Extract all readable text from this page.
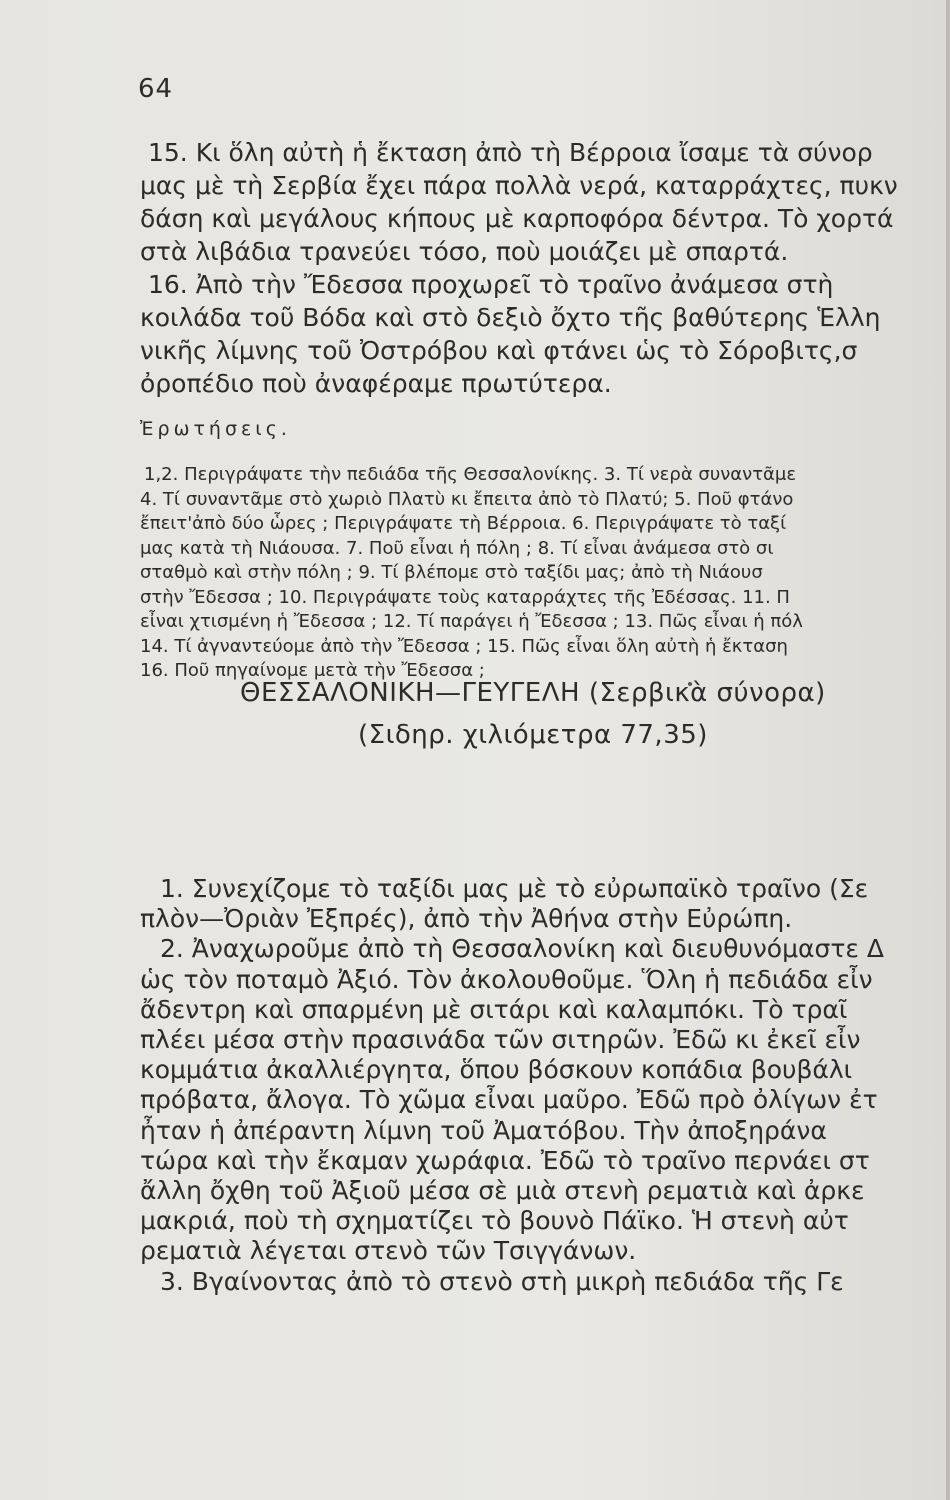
64

15. Κι ὅλη αὐτὴ ἡ ἔκταση ἀπὸ τὴ Βέρροια ἴσαμε τὰ σύνορ

μας μὲ τὴ Σερβία ἔχει πάρα πολλὰ νερά, καταρράχτες, πυκν

δάση καὶ μεγάλους κήπους μὲ καρποφόρα δέντρα. Τὸ χορτά

στὰ λιβάδια τρανεύει τόσο, ποὺ μοιάζει μὲ σπαρτά.

16. Ἀπὸ τὴν Ἔδεσσα προχωρεῖ τὸ τραῖνο ἀνάμεσα στὴ

κοιλάδα τοῦ Βόδα καὶ στὸ δεξιὸ ὄχτο τῆς βαθύτερης Ἑλλη

νικῆς λίμνης τοῦ Ὀστρόβου καὶ φτάνει ὡς τὸ Σόροβιτς,σ

ὀροπέδιο ποὺ ἀναφέραμε πρωτύτερα.

Ἐρωτήσεις.

1,2. Περιγράψατε τὴν πεδιάδα τῆς Θεσσαλονίκης. 3. Τί νερὰ συναντᾶμε

4. Τί συναντᾶμε στὸ χωριὸ Πλατὺ κι ἔπειτα ἀπὸ τὸ Πλατύ; 5. Ποῦ φτάνο

ἔπειτ'ἀπὸ δύο ὧρες ; Περιγράψατε τὴ Βέρροια. 6. Περιγράψατε τὸ ταξί

μας κατὰ τὴ Νιάουσα. 7. Ποῦ εἶναι ἡ πόλη ; 8. Τί εἶναι ἀνάμεσα στὸ σι

σταθμὸ καὶ στὴν πόλη ; 9. Τί βλέπομε στὸ ταξίδι μας; ἀπὸ τὴ Νιάουσ

στὴν Ἔδεσσα ; 10. Περιγράψατε τοὺς καταρράχτες τῆς Ἐδέσσας. 11. Π

εἶναι χτισμένη ἡ Ἔδεσσα ; 12. Τί παράγει ἡ Ἔδεσσα ; 13. Πῶς εἶναι ἡ πόλ

14. Τί ἀγναντεύομε ἀπὸ τὴν Ἔδεσσα ; 15. Πῶς εἶναι ὅλη αὐτὴ ἡ ἔκταση

16. Ποῦ πηγαίνομε μετὰ τὴν Ἔδεσσα ;

ΘΕΣΣΑΛΟΝΙΚΗ—ΓΕΥΓΕΛΗ (Σερβικὰ σύνορα)
(Σιδηρ. χιλιόμετρα 77,35)

1. Συνεχίζομε τὸ ταξίδι μας μὲ τὸ εὐρωπαϊκὸ τραῖνο (Σε

πλὸν—Ὀριὰν Ἐξπρές), ἀπὸ τὴν Ἀθήνα στὴν Εὐρώπη.

2. Ἀναχωροῦμε ἀπὸ τὴ Θεσσαλονίκη καὶ διευθυνόμαστε Δ

ὡς τὸν ποταμὸ Ἀξιό. Τὸν ἀκολουθοῦμε. Ὅλη ἡ πεδιάδα εἶν

ἄδεντρη καὶ σπαρμένη μὲ σιτάρι καὶ καλαμπόκι. Τὸ τραῖ

πλέει μέσα στὴν πρασινάδα τῶν σιτηρῶν. Ἐδῶ κι ἐκεῖ εἶν

κομμάτια ἀκαλλιέργητα, ὅπου βόσκουν κοπάδια βουβάλι

πρόβατα, ἄλογα. Τὸ χῶμα εἶναι μαῦρο. Ἐδῶ πρὸ ὀλίγων ἐτ

ἦταν ἡ ἀπέραντη λίμνη τοῦ Ἀματόβου. Τὴν ἀποξηράνα

τώρα καὶ τὴν ἔκαμαν χωράφια. Ἐδῶ τὸ τραῖνο περνάει στ

ἄλλη ὄχθη τοῦ Ἀξιοῦ μέσα σὲ μιὰ στενὴ ρεματιὰ καὶ ἀρκε

μακριά, ποὺ τὴ σχηματίζει τὸ βουνὸ Πάϊκο. Ἡ στενὴ αὐτ

ρεματιὰ λέγεται στενὸ τῶν Τσιγγάνων.

3. Βγαίνοντας ἀπὸ τὸ στενὸ στὴ μικρὴ πεδιάδα τῆς Γε
